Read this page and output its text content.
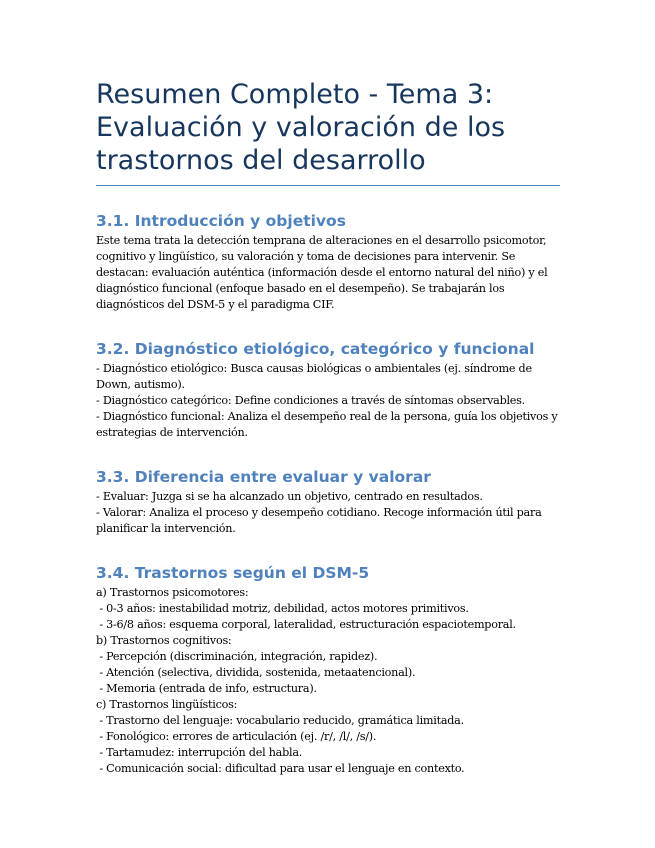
Resumen Completo - Tema 3: Evaluación y valoración de los trastornos del desarrollo
3.1. Introducción y objetivos

Este tema trata la detección temprana de alteraciones en el desarrollo psicomotor, cognitivo y lingüístico, su valoración y toma de decisiones para intervenir. Se destacan: evaluación auténtica (información desde el entorno natural del niño) y el diagnóstico funcional (enfoque basado en el desempeño). Se trabajarán los diagnósticos del DSM-5 y el paradigma CIF.

3.2. Diagnóstico etiológico, categórico y funcional

- Diagnóstico etiológico: Busca causas biológicas o ambientales (ej. síndrome de Down, autismo).

- Diagnóstico categórico: Define condiciones a través de síntomas observables.

- Diagnóstico funcional: Analiza el desempeño real de la persona, guía los objetivos y estrategias de intervención.

3.3. Diferencia entre evaluar y valorar

- Evaluar: Juzga si se ha alcanzado un objetivo, centrado en resultados.

- Valorar: Analiza el proceso y desempeño cotidiano. Recoge información útil para planificar la intervención.

3.4. Trastornos según el DSM-5

a) Trastornos psicomotores:

- 0-3 años: inestabilidad motriz, debilidad, actos motores primitivos.

- 3-6/8 años: esquema corporal, lateralidad, estructuración espaciotemporal.

b) Trastornos cognitivos:

- Percepción (discriminación, integración, rapidez).

- Atención (selectiva, dividida, sostenida, metaatencional).

- Memoria (entrada de info, estructura).

c) Trastornos lingüísticos:

- Trastorno del lenguaje: vocabulario reducido, gramática limitada.

- Fonológico: errores de articulación (ej. /r/, /l/, /s/).

- Tartamudez: interrupción del habla.

- Comunicación social: dificultad para usar el lenguaje en contexto.
